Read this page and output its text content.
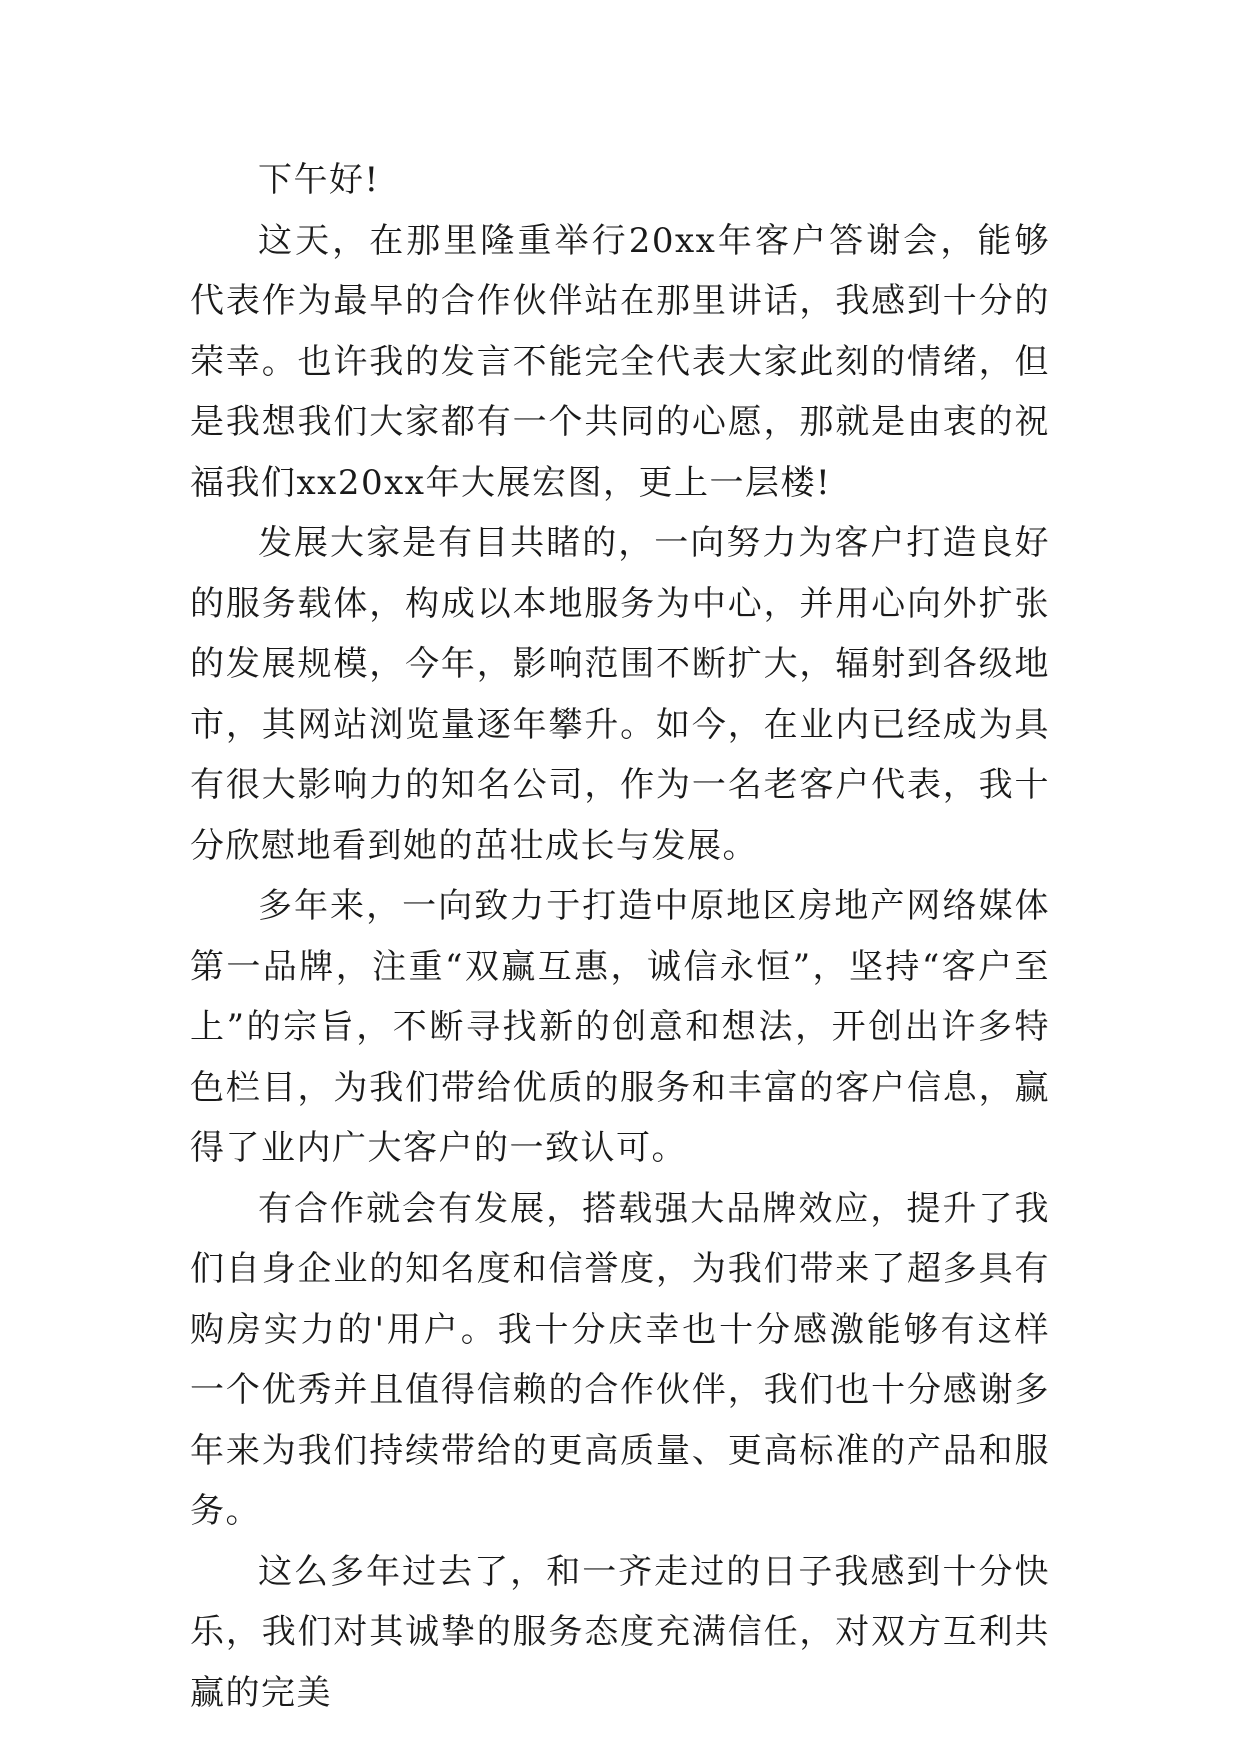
下午好!

这天，在那里隆重举行20xx年客户答谢会，能够代表作为最早的合作伙伴站在那里讲话，我感到十分的荣幸。也许我的发言不能完全代表大家此刻的情绪，但是我想我们大家都有一个共同的心愿，那就是由衷的祝福我们xx20xx年大展宏图，更上一层楼!

发展大家是有目共睹的，一向努力为客户打造良好的服务载体，构成以本地服务为中心，并用心向外扩张的发展规模，今年，影响范围不断扩大，辐射到各级地市，其网站浏览量逐年攀升。如今，在业内已经成为具有很大影响力的知名公司，作为一名老客户代表，我十分欣慰地看到她的茁壮成长与发展。

多年来，一向致力于打造中原地区房地产网络媒体第一品牌，注重“双赢互惠，诚信永恒”，坚持“客户至上”的宗旨，不断寻找新的创意和想法，开创出许多特色栏目，为我们带给优质的服务和丰富的客户信息，赢得了业内广大客户的一致认可。

有合作就会有发展，搭载强大品牌效应，提升了我们自身企业的知名度和信誉度，为我们带来了超多具有购房实力的'用户。我十分庆幸也十分感激能够有这样一个优秀并且值得信赖的合作伙伴，我们也十分感谢多年来为我们持续带给的更高质量、更高标准的产品和服务。

这么多年过去了，和一齐走过的日子我感到十分快乐，我们对其诚挚的服务态度充满信任，对双方互利共赢的完美
